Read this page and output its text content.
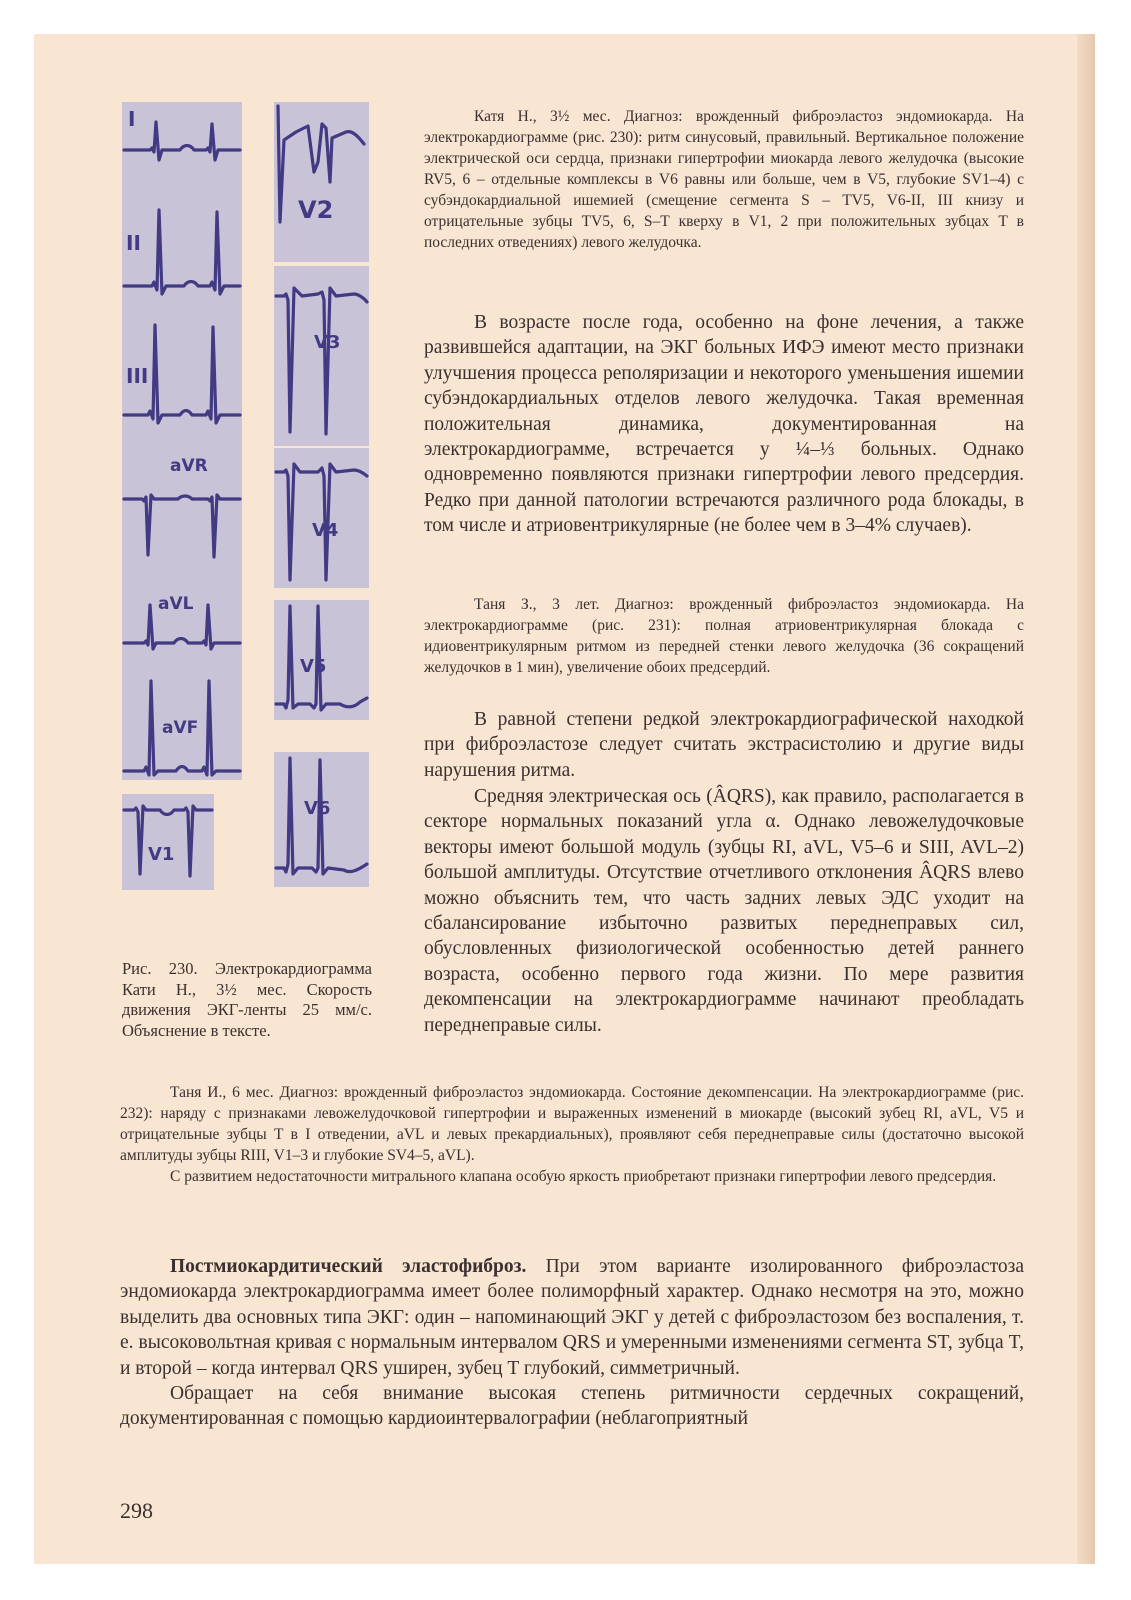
I
II
III
aVR
aVL
aVF
V1
V2
V3
V4
V5
V6

Катя Н., 3½ мес. Диагноз: врожденный фиброэластоз эндомиокарда. На электрокардиограмме (рис. 230): ритм синусовый, правильный. Вертикальное положение электрической оси сердца, признаки гипертрофии миокарда левого желудочка (высокие RV5, 6 – отдельные комплексы в V6 равны или больше, чем в V5, глубокие SV1–4) с субэндокардиальной ишемией (смещение сегмента S – TV5, V6-II, III книзу и отрицательные зубцы TV5, 6, S–T кверху в V1, 2 при положительных зубцах T в последних отведениях) левого желудочка.

В возрасте после года, особенно на фоне лечения, а также развившейся адаптации, на ЭКГ больных ИФЭ имеют место признаки улучшения процесса реполяризации и некоторого уменьшения ишемии субэндокардиальных отделов левого желудочка. Такая временная положительная динамика, документированная на электрокардиограмме, встречается у ¼–⅓ больных. Однако одновременно появляются признаки гипертрофии левого предсердия. Редко при данной патологии встречаются различного рода блокады, в том числе и атриовентрикулярные (не более чем в 3–4% случаев).

Таня З., 3 лет. Диагноз: врожденный фиброэластоз эндомиокарда. На электрокардиограмме (рис. 231): полная атриовентрикулярная блокада с идиовентрикулярным ритмом из передней стенки левого желудочка (36 сокращений желудочков в 1 мин), увеличение обоих предсердий.

В равной степени редкой электрокардиографической находкой при фиброэластозе следует считать экстрасистолию и другие виды нарушения ритма.

Средняя электрическая ось (ÂQRS), как правило, располагается в секторе нормальных показаний угла α. Однако левожелудочковые векторы имеют большой модуль (зубцы RI, aVL, V5–6 и SIII, AVL–2) большой амплитуды. Отсутствие отчетливого отклонения ÂQRS влево можно объяснить тем, что часть задних левых ЭДС уходит на сбалансирование избыточно развитых переднеправых сил, обусловленных физиологической особенностью детей раннего возраста, особенно первого года жизни. По мере развития декомпенсации на электрокардиограмме начинают преобладать переднеправые силы.

Рис. 230. Электрокардиограмма Кати Н., 3½ мес. Скорость движения ЭКГ-ленты 25 мм/с. Объяснение в тексте.

Таня И., 6 мес. Диагноз: врожденный фиброэластоз эндомиокарда. Состояние декомпенсации. На электрокардиограмме (рис. 232): наряду с признаками левожелудочковой гипертрофии и выраженных изменений в миокарде (высокий зубец RI, aVL, V5 и отрицательные зубцы T в I отведении, aVL и левых прекардиальных), проявляют себя переднеправые силы (достаточно высокой амплитуды зубцы RIII, V1–3 и глубокие SV4–5, aVL).

С развитием недостаточности митрального клапана особую яркость приобретают признаки гипертрофии левого предсердия.

Постмиокардитический эластофиброз. При этом варианте изолированного фиброэластоза эндомиокарда электрокардиограмма имеет более полиморфный характер. Однако несмотря на это, можно выделить два основных типа ЭКГ: один – напоминающий ЭКГ у детей с фиброэластозом без воспаления, т. е. высоковольтная кривая с нормальным интервалом QRS и умеренными изменениями сегмента ST, зубца T, и второй – когда интервал QRS уширен, зубец T глубокий, симметричный.

Обращает на себя внимание высокая степень ритмичности сердечных сокращений, документированная с помощью кардиоинтервалографии (неблагоприятный

298
